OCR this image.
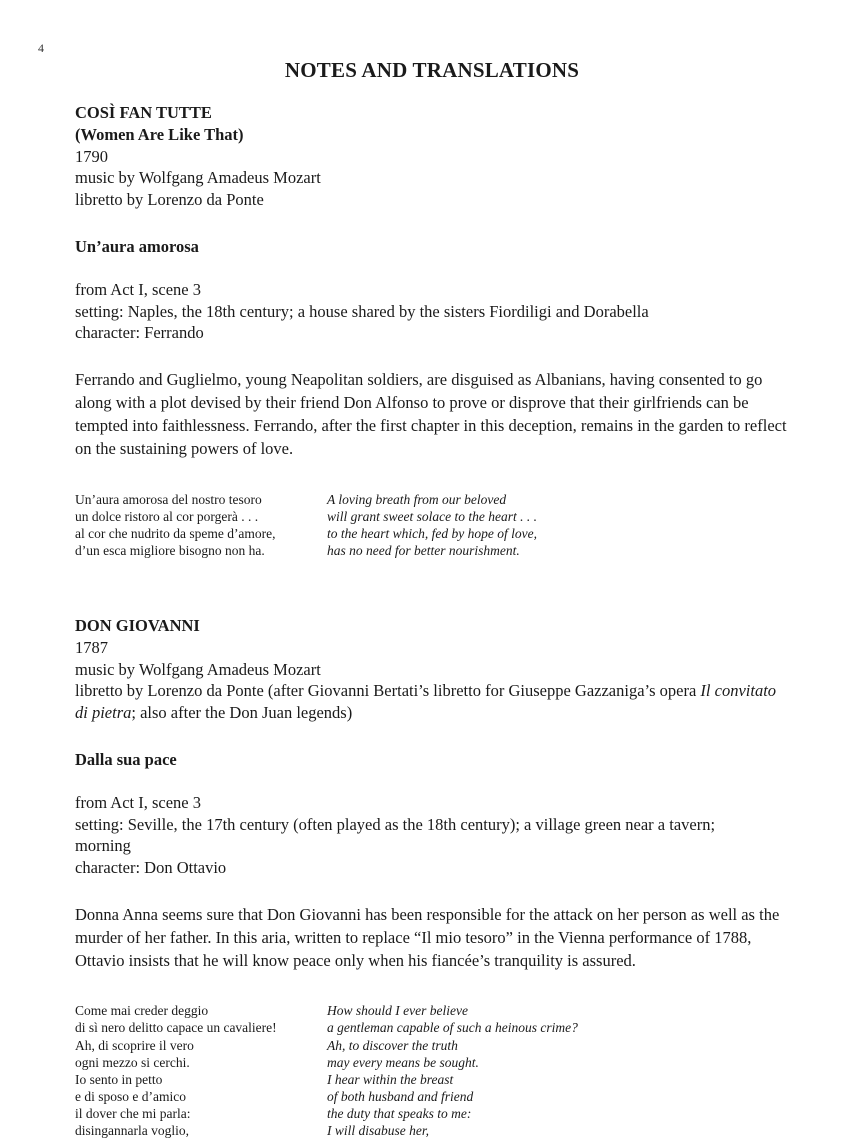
4
NOTES AND TRANSLATIONS
COSÌ FAN TUTTE
(Women Are Like That)
1790
music by Wolfgang Amadeus Mozart
libretto by Lorenzo da Ponte
Un’aura amorosa
from Act I, scene 3
setting: Naples, the 18th century; a house shared by the sisters Fiordiligi and Dorabella
character: Ferrando
Ferrando and Guglielmo, young Neapolitan soldiers, are disguised as Albanians, having consented to go along with a plot devised by their friend Don Alfonso to prove or disprove that their girlfriends can be tempted into faithlessness. Ferrando, after the first chapter in this deception, remains in the garden to reflect on the sustaining powers of love.
Un’aura amorosa del nostro tesoro	A loving breath from our beloved
un dolce ristoro al cor porgerà . . .	will grant sweet solace to the heart . . .
al cor che nudrito da speme d’amore,	to the heart which, fed by hope of love,
d’un esca migliore bisogno non ha.	has no need for better nourishment.
DON GIOVANNI
1787
music by Wolfgang Amadeus Mozart
libretto by Lorenzo da Ponte (after Giovanni Bertati’s libretto for Giuseppe Gazzaniga’s opera Il convitato di pietra; also after the Don Juan legends)
Dalla sua pace
from Act I, scene 3
setting: Seville, the 17th century (often played as the 18th century); a village green near a tavern;
morning
character: Don Ottavio
Donna Anna seems sure that Don Giovanni has been responsible for the attack on her person as well as the murder of her father. In this aria, written to replace “Il mio tesoro” in the Vienna performance of 1788, Ottavio insists that he will know peace only when his fiancée’s tranquility is assured.
Come mai creder deggio	How should I ever believe
di sì nero delitto capace un cavaliere!	a gentleman capable of such a heinous crime?
Ah, di scoprire il vero	Ah, to discover the truth
ogni mezzo si cerchi.	may every means be sought.
Io sento in petto	I hear within the breast
e di sposo e d’amico	of both husband and friend
il dover che mi parla:	the duty that speaks to me:
disingannarla voglio,	I will disabuse her,
